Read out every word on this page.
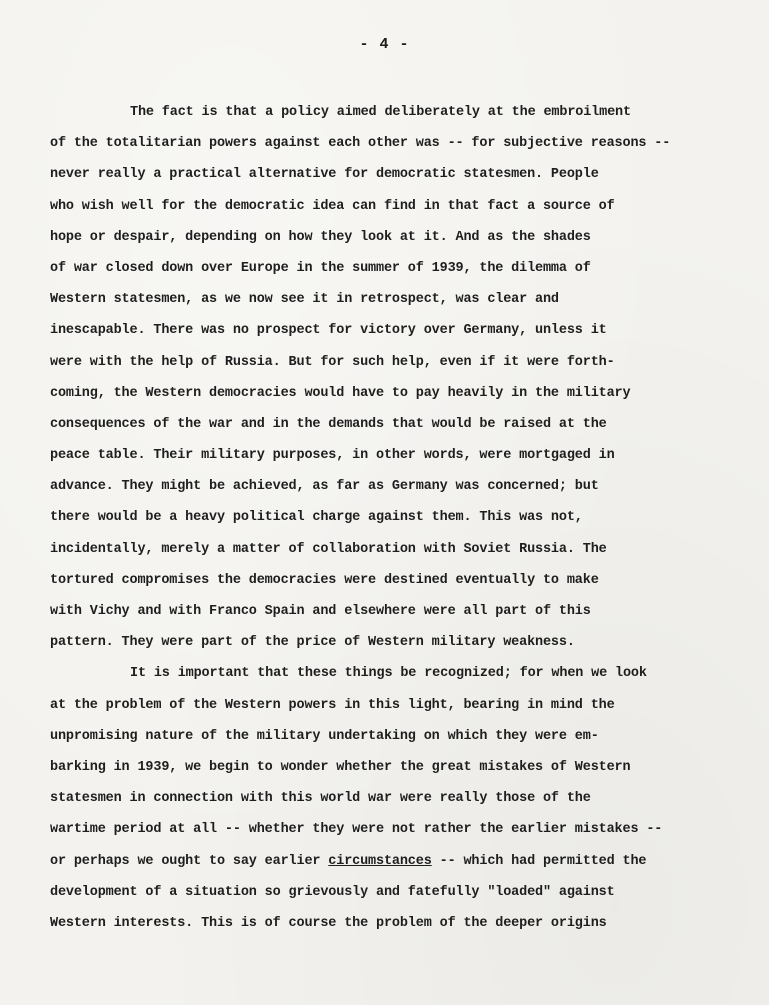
- 4 -
The fact is that a policy aimed deliberately at the embroilment
of the totalitarian powers against each other was -- for subjective reasons --
never really a practical alternative for democratic statesmen. People
who wish well for the democratic idea can find in that fact a source of
hope or despair, depending on how they look at it. And as the shades
of war closed down over Europe in the summer of 1939, the dilemma of
Western statesmen, as we now see it in retrospect, was clear and
inescapable. There was no prospect for victory over Germany, unless it
were with the help of Russia. But for such help, even if it were forth-
coming, the Western democracies would have to pay heavily in the military
consequences of the war and in the demands that would be raised at the
peace table. Their military purposes, in other words, were mortgaged in
advance. They might be achieved, as far as Germany was concerned; but
there would be a heavy political charge against them. This was not,
incidentally, merely a matter of collaboration with Soviet Russia. The
tortured compromises the democracies were destined eventually to make
with Vichy and with Franco Spain and elsewhere were all part of this
pattern. They were part of the price of Western military weakness.
It is important that these things be recognized; for when we look
at the problem of the Western powers in this light, bearing in mind the
unpromising nature of the military undertaking on which they were em-
barking in 1939, we begin to wonder whether the great mistakes of Western
statesmen in connection with this world war were really those of the
wartime period at all -- whether they were not rather the earlier mistakes --
or perhaps we ought to say earlier circumstances -- which had permitted the
development of a situation so grievously and fatefully "loaded" against
Western interests. This is of course the problem of the deeper origins
